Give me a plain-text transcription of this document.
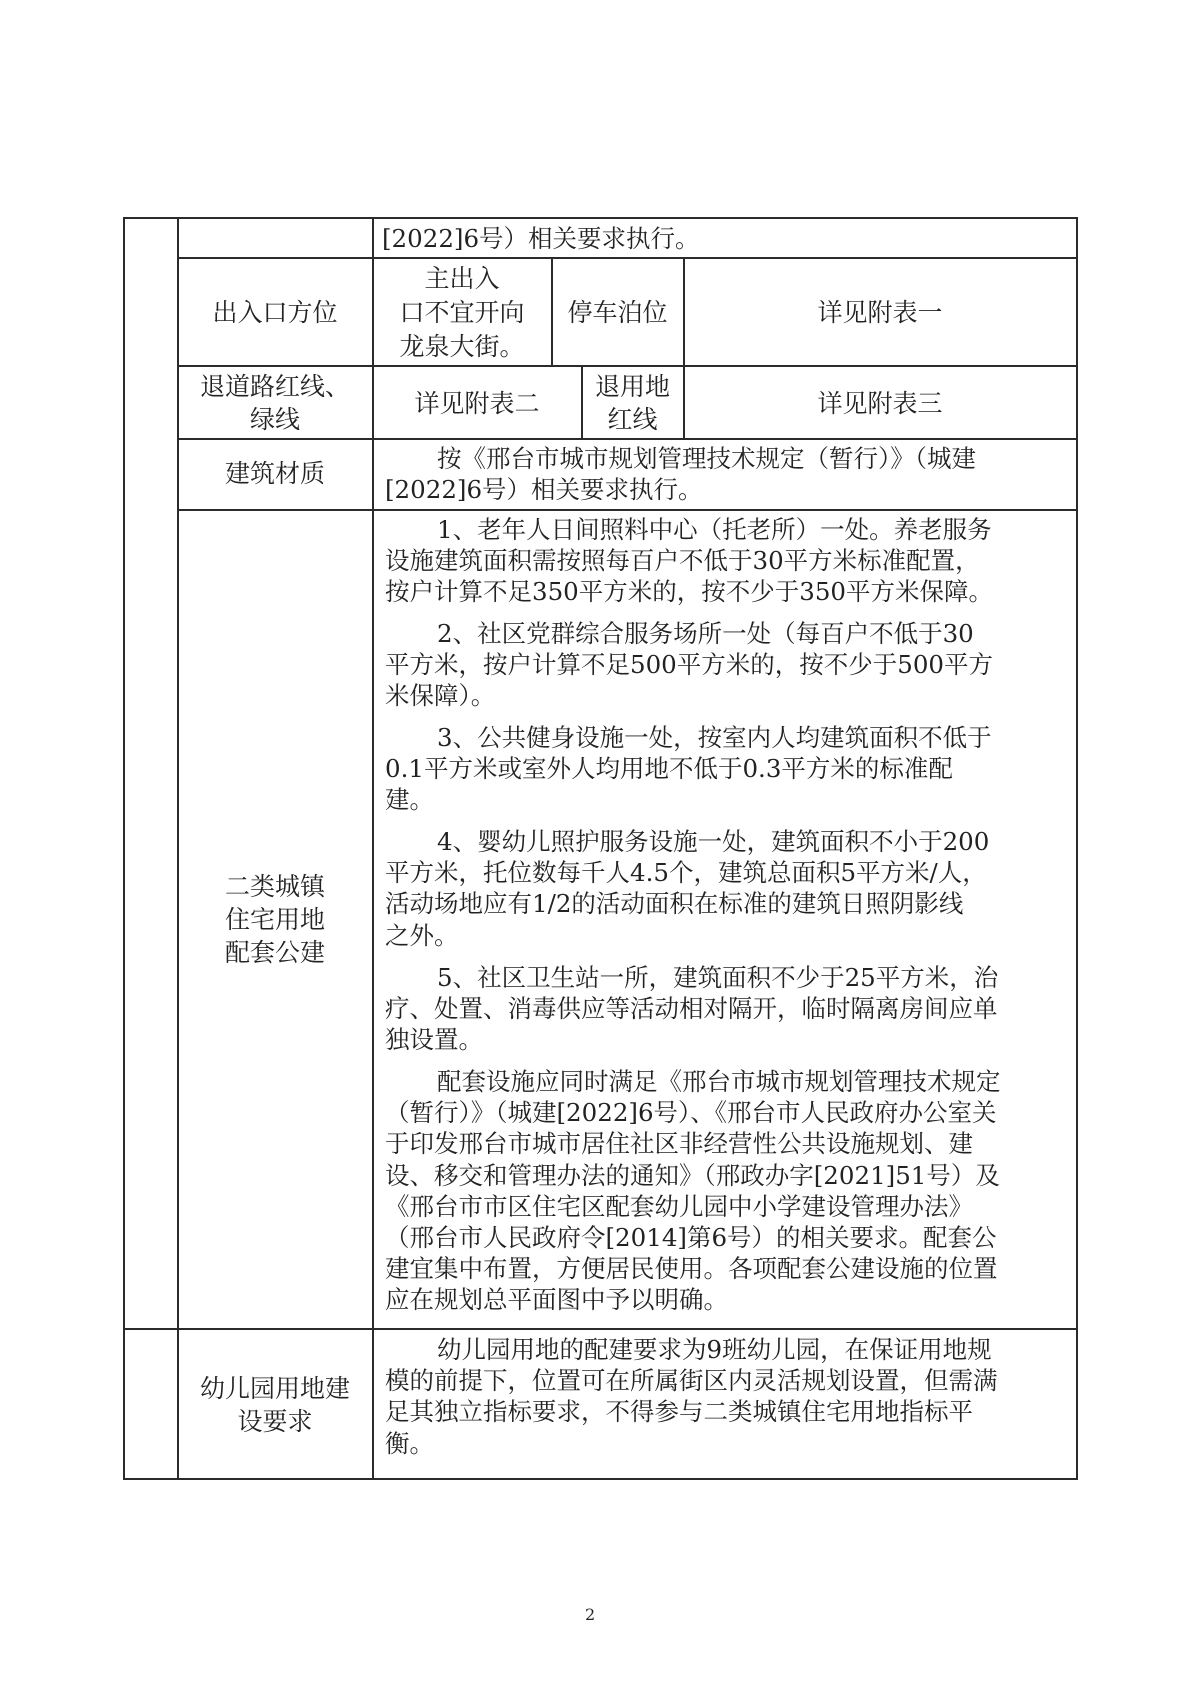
[2022]6号）相关要求执行。
出入口方位
主出入
口不宜开向
龙泉大街。
停车泊位	详见附表一
退道路红线、
绿线
详见附表二
退用地
红线
详见附表三
建筑材质
按《邢台市城市规划管理技术规定（暂行）》（城建
[2022]6号）相关要求执行。
二类城镇
住宅用地
配套公建
1、老年人日间照料中心（托老所）一处。养老服务
设施建筑面积需按照每百户不低于30平方米标准配置，
按户计算不足350平方米的，按不少于350平方米保障。
2、社区党群综合服务场所一处（每百户不低于30
平方米，按户计算不足500平方米的，按不少于500平方
米保障）。
3、公共健身设施一处，按室内人均建筑面积不低于
0.1平方米或室外人均用地不低于0.3平方米的标准配
建。
4、婴幼儿照护服务设施一处，建筑面积不小于200
平方米，托位数每千人4.5个，建筑总面积5平方米/人，
活动场地应有1/2的活动面积在标准的建筑日照阴影线
之外。
5、社区卫生站一所，建筑面积不少于25平方米，治
疗、处置、消毒供应等活动相对隔开，临时隔离房间应单
独设置。
配套设施应同时满足《邢台市城市规划管理技术规定
（暂行）》（城建[2022]6号）、《邢台市人民政府办公室关
于印发邢台市城市居住社区非经营性公共设施规划、建
设、移交和管理办法的通知》（邢政办字[2021]51号）及
《邢台市市区住宅区配套幼儿园中小学建设管理办法》
（邢台市人民政府令[2014]第6号）的相关要求。配套公
建宜集中布置，方便居民使用。各项配套公建设施的位置
应在规划总平面图中予以明确。
幼儿园用地建
设要求
幼儿园用地的配建要求为9班幼儿园，在保证用地规
模的前提下，位置可在所属街区内灵活规划设置，但需满
足其独立指标要求，不得参与二类城镇住宅用地指标平
衡。
2
